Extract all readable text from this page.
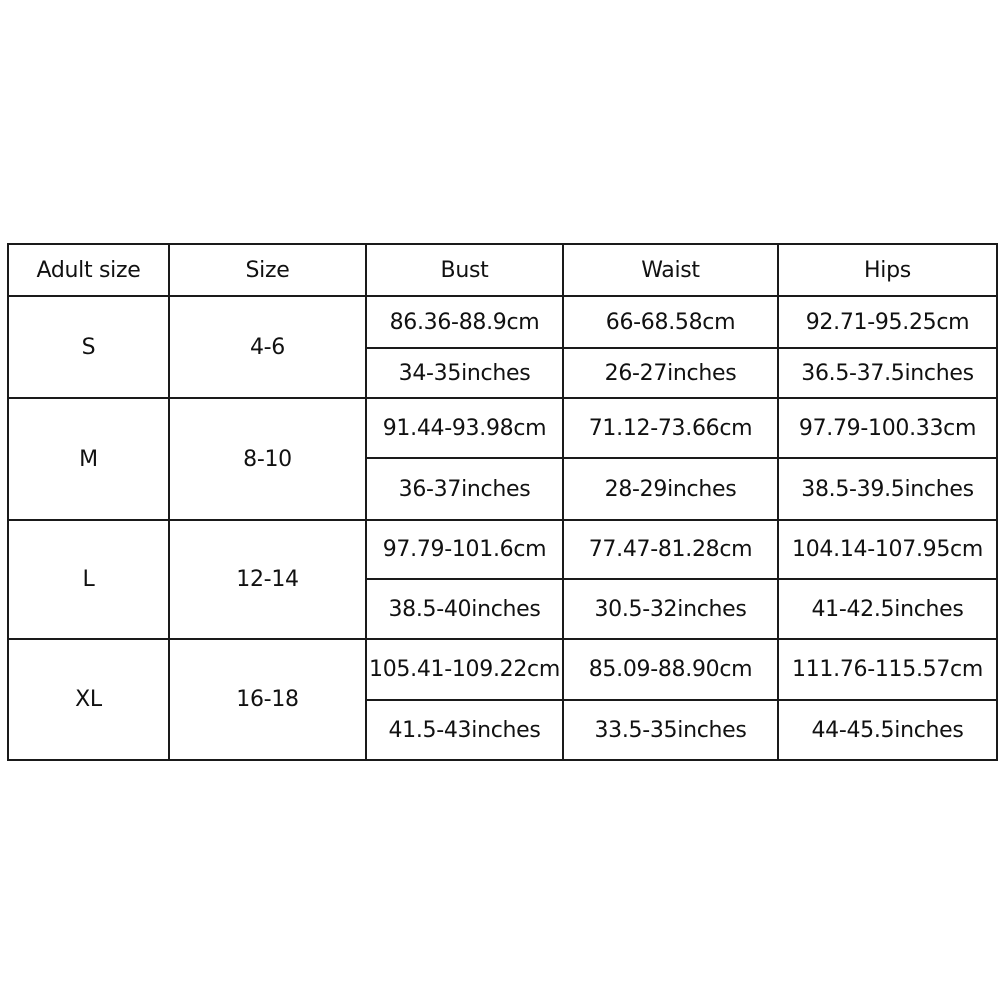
Adult size	Size	Bust	Waist	Hips
S	4-6	86.36-88.9cm	66-68.58cm	92.71-95.25cm
		34-35inches	26-27inches	36.5-37.5inches
M	8-10	91.44-93.98cm	71.12-73.66cm	97.79-100.33cm
		36-37inches	28-29inches	38.5-39.5inches
L	12-14	97.79-101.6cm	77.47-81.28cm	104.14-107.95cm
		38.5-40inches	30.5-32inches	41-42.5inches
XL	16-18	105.41-109.22cm	85.09-88.90cm	111.76-115.57cm
		41.5-43inches	33.5-35inches	44-45.5inches
